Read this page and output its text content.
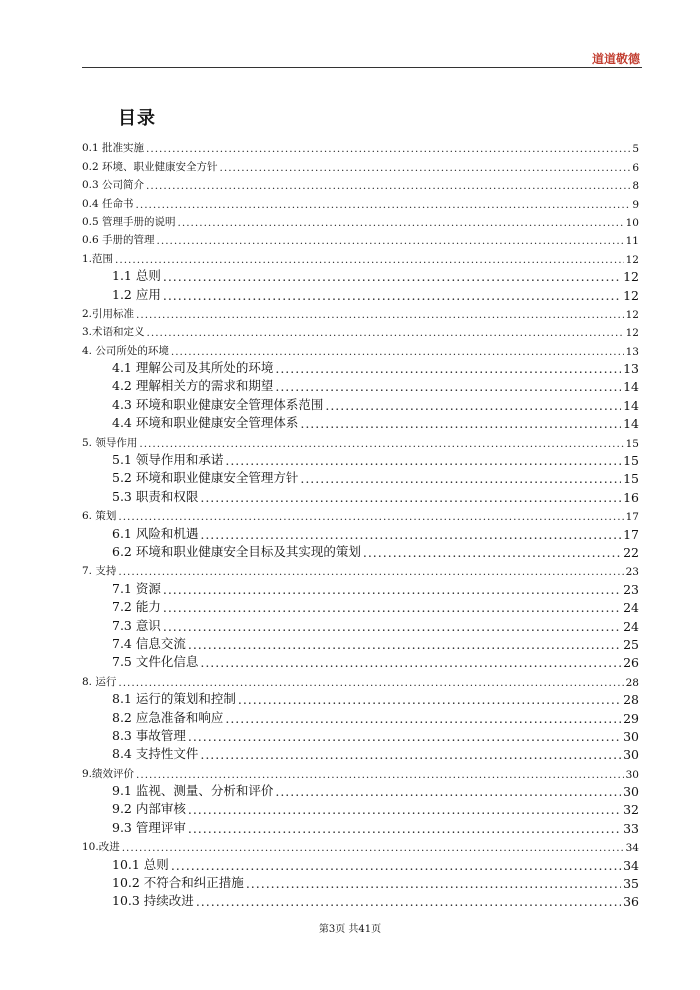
道道敬德
目录
0.1 批准实施 .....	5
0.2 环境、职业健康安全方针 .....	6
0.3 公司简介 .....	8
0.4 任命书 .....	9
0.5 管理手册的说明 .....	10
0.6 手册的管理 .....	11
1.范围 .....	12
1.1 总则 .....	12
1.2 应用 .....	12
2.引用标准 .....	12
3.术语和定义 .....	12
4. 公司所处的环境 .....	13
4.1 理解公司及其所处的环境 .....	13
4.2 理解相关方的需求和期望 .....	14
4.3 环境和职业健康安全管理体系范围 .....	14
4.4 环境和职业健康安全管理体系 .....	14
5. 领导作用 .....	15
5.1 领导作用和承诺 .....	15
5.2 环境和职业健康安全管理方针 .....	15
5.3 职责和权限 .....	16
6. 策划 .....	17
6.1 风险和机遇 .....	17
6.2 环境和职业健康安全目标及其实现的策划 .....	22
7. 支持 .....	23
7.1 资源 .....	23
7.2 能力 .....	24
7.3 意识 .....	24
7.4 信息交流 .....	25
7.5 文件化信息 .....	26
8. 运行 .....	28
8.1 运行的策划和控制 .....	28
8.2 应急准备和响应 .....	29
8.3 事故管理 .....	30
8.4 支持性文件 .....	30
9.绩效评价 .....	30
9.1 监视、测量、分析和评价 .....	30
9.2 内部审核 .....	32
9.3 管理评审 .....	33
10.改进 .....	34
10.1 总则 .....	34
10.2 不符合和纠正措施 .....	35
10.3 持续改进 .....	36
第3页 共41页
